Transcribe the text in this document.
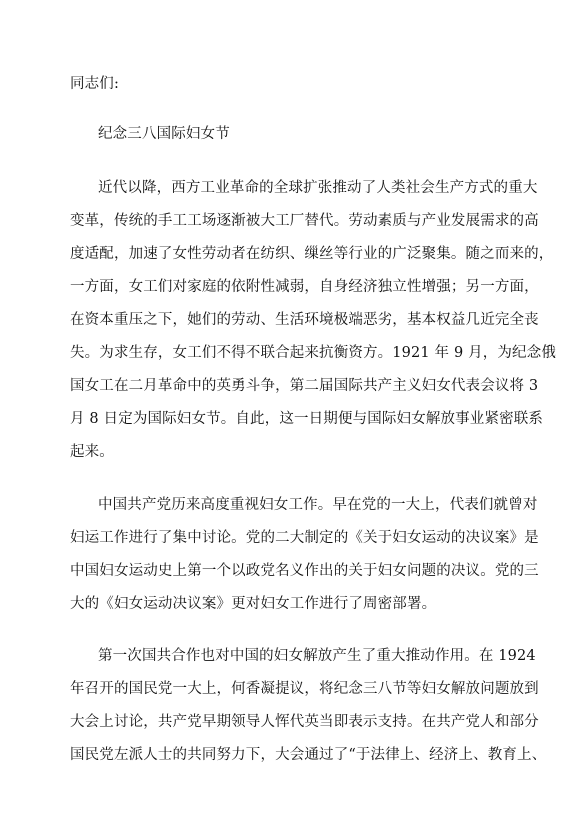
同志们:
纪念三八国际妇女节
近代以降，西方工业革命的全球扩张推动了人类社会生产方式的重大
变革，传统的手工工场逐渐被大工厂替代。劳动素质与产业发展需求的高
度适配，加速了女性劳动者在纺织、缫丝等行业的广泛聚集。随之而来的，
一方面，女工们对家庭的依附性减弱，自身经济独立性增强；另一方面，
在资本重压之下，她们的劳动、生活环境极端恶劣，基本权益几近完全丧
失。为求生存，女工们不得不联合起来抗衡资方。1921 年 9 月，为纪念俄
国女工在二月革命中的英勇斗争，第二届国际共产主义妇女代表会议将 3
月 8 日定为国际妇女节。自此，这一日期便与国际妇女解放事业紧密联系
起来。
中国共产党历来高度重视妇女工作。早在党的一大上，代表们就曾对
妇运工作进行了集中讨论。党的二大制定的《关于妇女运动的决议案》是
中国妇女运动史上第一个以政党名义作出的关于妇女问题的决议。党的三
大的《妇女运动决议案》更对妇女工作进行了周密部署。
第一次国共合作也对中国的妇女解放产生了重大推动作用。在 1924
年召开的国民党一大上，何香凝提议，将纪念三八节等妇女解放问题放到
大会上讨论，共产党早期领导人恽代英当即表示支持。在共产党人和部分
国民党左派人士的共同努力下，大会通过了“于法律上、经济上、教育上、
